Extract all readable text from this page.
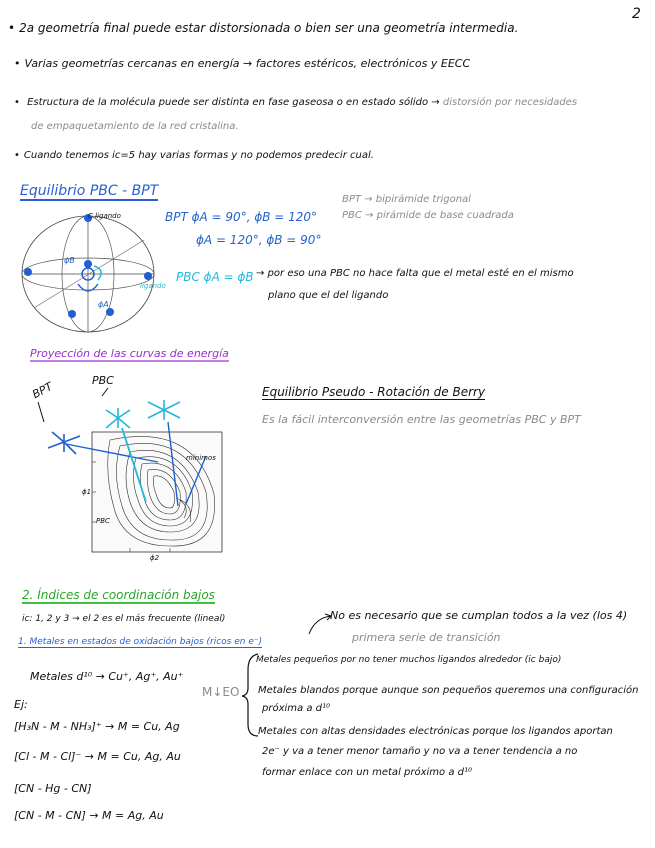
2
• 2a geometría final puede estar distorsionada o bien ser una geometría intermedia.
• Varias geometrías cercanas en energía → factores estéricos, electrónicos y EECC
• Estructura de la molécula puede ser distinta en fase gaseosa o en estado sólido → distorsión por necesidades
de empaquetamiento de la red cristalina.
• Cuando tenemos ic=5 hay varias formas y no podemos predecir cual.
Equilibrio PBC - BPT
C ligando
ligando
ϕB
ϕA
BPT ϕA = 90°, ϕB = 120°
ϕA = 120°, ϕB = 90°
BPT → bipirámide trigonal
PBC → pirámide de base cuadrada
PBC ϕA = ϕB → por eso una PBC no hace falta que el metal esté en el mismo
plano que el del ligando
Proyección de las curvas de energía
BPT	PBC
ϕ1
ϕ2
mínimos
PBC
Equilibrio Pseudo - Rotación de Berry
Es la fácil interconversión entre las geometrías PBC y BPT
2. Índices de coordinación bajos
ic: 1, 2 y 3 → el 2 es el más frecuente (lineal)	No es necesario que se cumplan todos a la vez (los 4)
primera serie de transición
1. Metales en estados de oxidación bajos (ricos en e⁻)
Metales d¹⁰ → Cu⁺, Ag⁺, Au⁺
Ej:
M↓EO
Metales pequeños por no tener muchos ligandos alrededor (ic bajo)
Metales blandos porque aunque son pequeños queremos una configuración
próxima a d¹⁰
Metales con altas densidades electrónicas porque los ligandos aportan
2e⁻ y va a tener menor tamaño y no va a tener tendencia a no
formar enlace con un metal próximo a d¹⁰
[H₃N - M - NH₃]⁺ → M = Cu, Ag
[Cl - M - Cl]⁻ → M = Cu, Ag, Au
[CN - Hg - CN]
[CN - M - CN] → M = Ag, Au
